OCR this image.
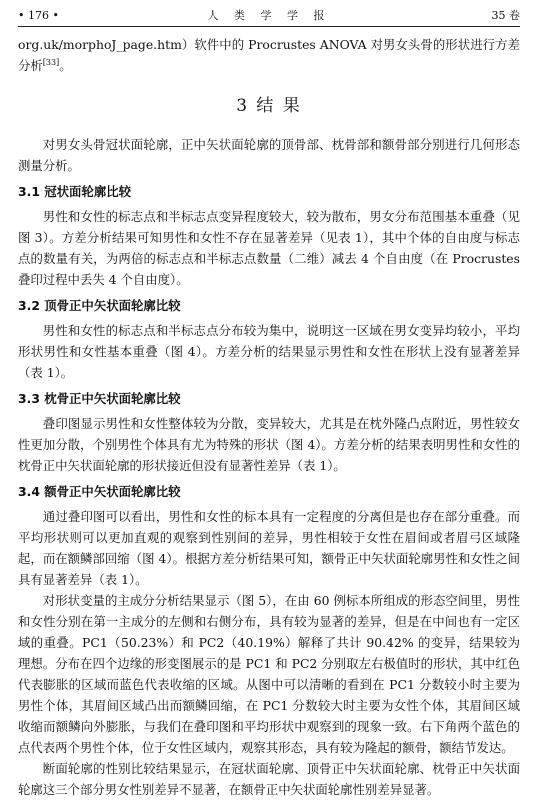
• 176 •	人 类 学 学 报	35 卷

org.uk/morphoJ_page.htm）软件中的 Procrustes ANOVA 对男女头骨的形状进行方差分析[33]。

3 结 果

对男女头骨冠状面轮廓，正中矢状面轮廓的顶骨部、枕骨部和额骨部分别进行几何形态测量分析。

3.1 冠状面轮廓比较

男性和女性的标志点和半标志点变异程度较大，较为散布，男女分布范围基本重叠（见图 3）。方差分析结果可知男性和女性不存在显著差异（见表 1），其中个体的自由度与标志点的数量有关，为两倍的标志点和半标志点数量（二维）减去 4 个自由度（在 Procrustes 叠印过程中丢失 4 个自由度）。

3.2 顶骨正中矢状面轮廓比较

男性和女性的标志点和半标志点分布较为集中，说明这一区域在男女变异均较小，平均形状男性和女性基本重叠（图 4）。方差分析的结果显示男性和女性在形状上没有显著差异（表 1）。

3.3 枕骨正中矢状面轮廓比较

叠印图显示男性和女性整体较为分散，变异较大，尤其是在枕外隆凸点附近，男性较女性更加分散，个别男性个体具有尤为特殊的形状（图 4）。方差分析的结果表明男性和女性的枕骨正中矢状面轮廓的形状接近但没有显著性差异（表 1）。

3.4 额骨正中矢状面轮廓比较

通过叠印图可以看出，男性和女性的标本具有一定程度的分离但是也存在部分重叠。而平均形状则可以更加直观的观察到性别间的差异，男性相较于女性在眉间或者眉弓区域隆起，而在额鳞部回缩（图 4）。根据方差分析结果可知，额骨正中矢状面轮廓男性和女性之间具有显著差异（表 1）。

对形状变量的主成分分析结果显示（图 5），在由 60 例标本所组成的形态空间里，男性和女性分别在第一主成分的左侧和右侧分布，具有较为显著的差异，但是在中间也有一定区域的重叠。PC1（50.23%）和 PC2（40.19%）解释了共计 90.42% 的变异，结果较为理想。分布在四个边缘的形变图展示的是 PC1 和 PC2 分别取左右极值时的形状，其中红色代表膨胀的区域而蓝色代表收缩的区域。从图中可以清晰的看到在 PC1 分数较小时主要为男性个体，其眉间区域凸出而额鳞回缩，在 PC1 分数较大时主要为女性个体，其眉间区域收缩而额鳞向外膨胀，与我们在叠印图和平均形状中观察到的现象一致。右下角两个蓝色的点代表两个男性个体，位于女性区域内，观察其形态，具有较为隆起的额骨，额结节发达。

断面轮廓的性别比较结果显示，在冠状面轮廓、顶骨正中矢状面轮廓、枕骨正中矢状面轮廓这三个部分男女性别差异不显著，在额骨正中矢状面轮廓性别差异显著。
